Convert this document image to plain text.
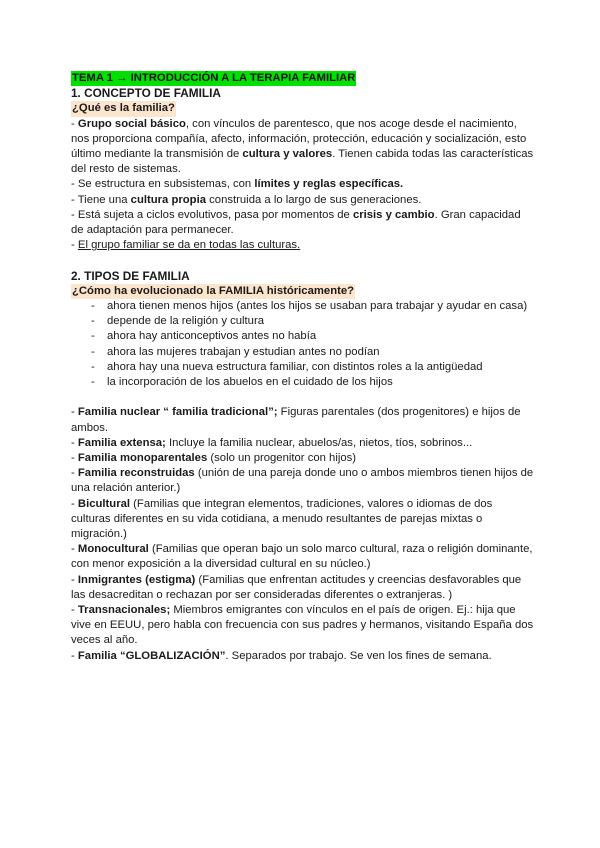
TEMA 1 → INTRODUCCIÓN A LA TERAPIA FAMILIAR
1. CONCEPTO DE FAMILIA
¿Qué es la familia?
- Grupo social básico, con vínculos de parentesco, que nos acoge desde el nacimiento,
nos proporciona compañía, afecto, información, protección, educación y socialización, esto
último mediante la transmisión de cultura y valores. Tienen cabida todas las características
del resto de sistemas.
- Se estructura en subsistemas, con límites y reglas específicas.
- Tiene una cultura propia construida a lo largo de sus generaciones.
- Está sujeta a ciclos evolutivos, pasa por momentos de crisis y cambio. Gran capacidad
de adaptación para permanecer.
- El grupo familiar se da en todas las culturas.
2. TIPOS DE FAMILIA
¿Cómo ha evolucionado la FAMILIA históricamente?
- ahora tienen menos hijos (antes los hijos se usaban para trabajar y ayudar en casa)
- depende de la religión y cultura
- ahora hay anticonceptivos antes no había
- ahora las mujeres trabajan y estudian antes no podían
- ahora hay una nueva estructura familiar, con distintos roles a la antigüedad
- la incorporación de los abuelos en el cuidado de los hijos
- Familia nuclear “ familia tradicional”; Figuras parentales (dos progenitores) e hijos de
ambos.
- Familia extensa; Incluye la familia nuclear, abuelos/as, nietos, tíos, sobrinos...
- Familia monoparentales (solo un progenitor con hijos)
- Familia reconstruidas (unión de una pareja donde uno o ambos miembros tienen hijos de
una relación anterior.)
- Bicultural (Familias que integran elementos, tradiciones, valores o idiomas de dos
culturas diferentes en su vida cotidiana, a menudo resultantes de parejas mixtas o
migración.)
- Monocultural (Familias que operan bajo un solo marco cultural, raza o religión dominante,
con menor exposición a la diversidad cultural en su núcleo.)
- Inmigrantes (estigma) (Familias que enfrentan actitudes y creencias desfavorables que
las desacreditan o rechazan por ser consideradas diferentes o extranjeras. )
- Transnacionales; Miembros emigrantes con vínculos en el país de origen. Ej.: hija que
vive en EEUU, pero habla con frecuencia con sus padres y hermanos, visitando España dos
veces al año.
- Familia “GLOBALIZACIÓN”. Separados por trabajo. Se ven los fines de semana.
